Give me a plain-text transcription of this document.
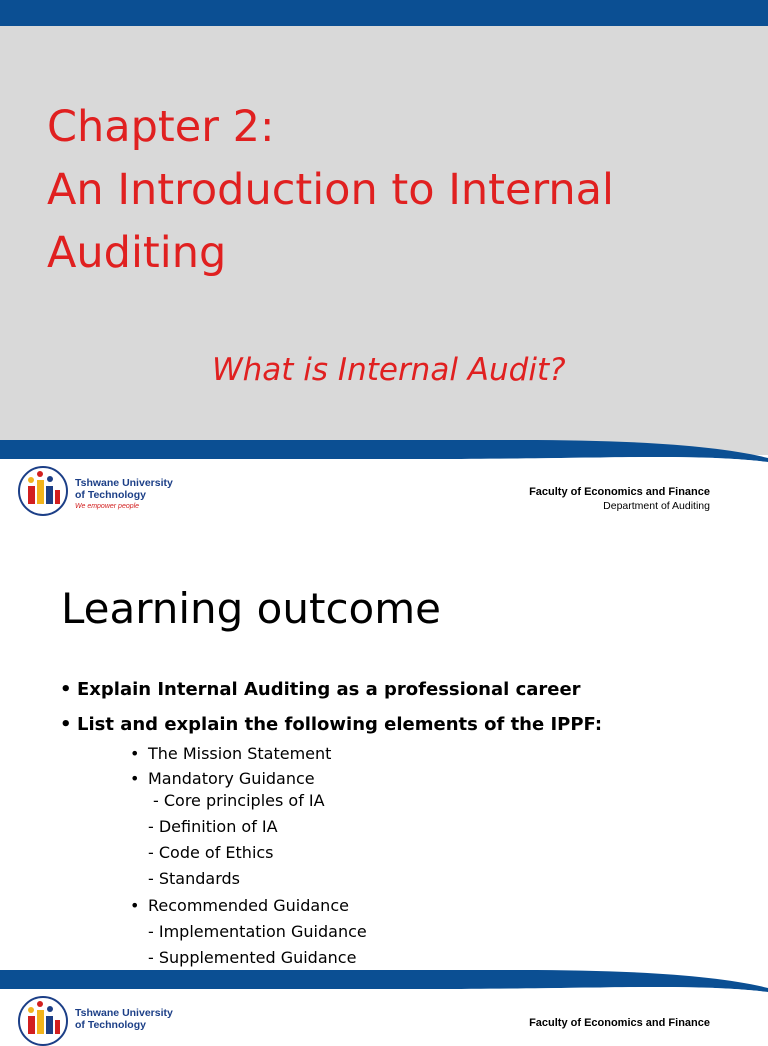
Chapter 2:
An Introduction to Internal
Auditing
What is Internal Audit?
Tshwane University
of Technology
We empower people
Faculty of Economics and Finance
Department of Auditing
Learning outcome
• Explain Internal Auditing as a professional career
• List and explain the following elements of the IPPF:
• The Mission Statement
• Mandatory Guidance
- Core principles of IA
- Definition of IA
- Code of Ethics
- Standards
• Recommended Guidance
- Implementation Guidance
- Supplemented Guidance
Tshwane University
of Technology	Faculty of Economics and Finance
